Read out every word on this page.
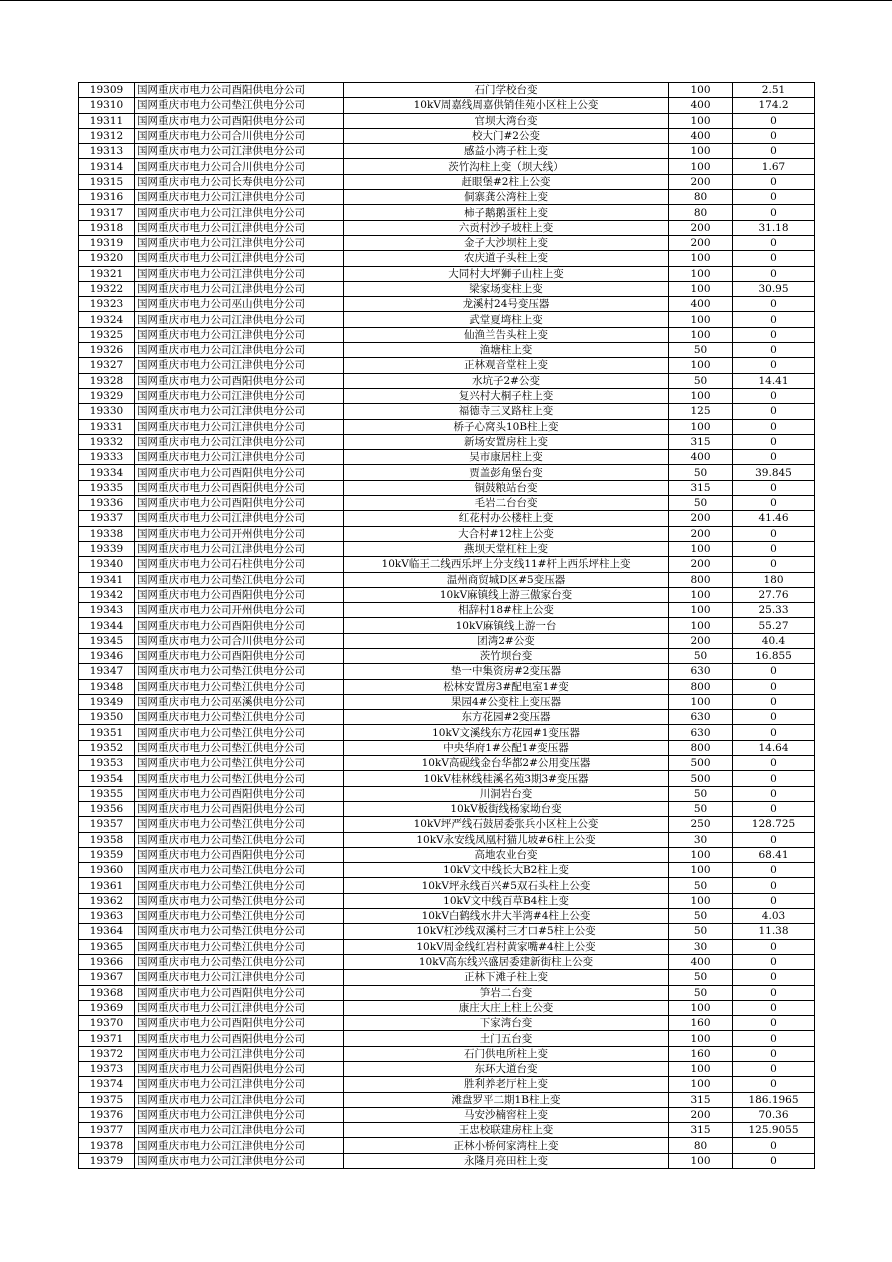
19309	国网重庆市电力公司酉阳供电分公司	石门学校台变	100	2.51
19310	国网重庆市电力公司垫江供电分公司	10kV周嘉线周嘉供销佳苑小区柱上公变	400	174.2
19311	国网重庆市电力公司酉阳供电分公司	官坝大湾台变	100	0
19312	国网重庆市电力公司合川供电分公司	校大门#2公变	400	0
19313	国网重庆市电力公司江津供电分公司	感益小湾子柱上变	100	0
19314	国网重庆市电力公司合川供电分公司	茨竹沟柱上变（坝大线）	100	1.67
19315	国网重庆市电力公司长寿供电分公司	赶眼堡#2柱上公变	200	0
19316	国网重庆市电力公司江津供电分公司	侗寨龚公湾柱上变	80	0
19317	国网重庆市电力公司江津供电分公司	柿子鹅鹅蛋柱上变	80	0
19318	国网重庆市电力公司江津供电分公司	六贡村沙子坡柱上变	200	31.18
19319	国网重庆市电力公司江津供电分公司	金子大沙坝柱上变	200	0
19320	国网重庆市电力公司江津供电分公司	农庆道子头柱上变	100	0
19321	国网重庆市电力公司江津供电分公司	大同村大坪狮子山柱上变	100	0
19322	国网重庆市电力公司江津供电分公司	梁家场变柱上变	100	30.95
19323	国网重庆市电力公司巫山供电分公司	龙溪村24号变压器	400	0
19324	国网重庆市电力公司江津供电分公司	武堂夏塆柱上变	100	0
19325	国网重庆市电力公司江津供电分公司	仙渔兰告头柱上变	100	0
19326	国网重庆市电力公司江津供电分公司	渔塘柱上变	50	0
19327	国网重庆市电力公司江津供电分公司	正林观音堂柱上变	100	0
19328	国网重庆市电力公司酉阳供电分公司	水坑子2#公变	50	14.41
19329	国网重庆市电力公司江津供电分公司	复兴村大桐子柱上变	100	0
19330	国网重庆市电力公司江津供电分公司	福德寺三叉路柱上变	125	0
19331	国网重庆市电力公司江津供电分公司	桥子心窝头10B柱上变	100	0
19332	国网重庆市电力公司江津供电分公司	新场安置房柱上变	315	0
19333	国网重庆市电力公司江津供电分公司	吴市康居柱上变	400	0
19334	国网重庆市电力公司酉阳供电分公司	贾盖彭角堡台变	50	39.845
19335	国网重庆市电力公司酉阳供电分公司	铜鼓粮站台变	315	0
19336	国网重庆市电力公司酉阳供电分公司	毛岩二台台变	50	0
19337	国网重庆市电力公司江津供电分公司	红花村办公楼柱上变	200	41.46
19338	国网重庆市电力公司开州供电分公司	大合村#12柱上公变	200	0
19339	国网重庆市电力公司江津供电分公司	燕坝天堂杠柱上变	100	0
19340	国网重庆市电力公司石柱供电分公司	10kV临王二线西乐坪上分支线11#杆上西乐坪柱上变	200	0
19341	国网重庆市电力公司垫江供电分公司	温州商贸城D区#5变压器	800	180
19342	国网重庆市电力公司酉阳供电分公司	10kV麻镇线上游三傲家台变	100	27.76
19343	国网重庆市电力公司开州供电分公司	相辞村18#柱上公变	100	25.33
19344	国网重庆市电力公司酉阳供电分公司	10kV麻镇线上游一台	100	55.27
19345	国网重庆市电力公司合川供电分公司	团湾2#公变	200	40.4
19346	国网重庆市电力公司酉阳供电分公司	茨竹坝台变	50	16.855
19347	国网重庆市电力公司垫江供电分公司	垫一中集资房#2变压器	630	0
19348	国网重庆市电力公司垫江供电分公司	松林安置房3#配电室1#变	800	0
19349	国网重庆市电力公司巫溪供电分公司	果园4#公变柱上变压器	100	0
19350	国网重庆市电力公司垫江供电分公司	东方花园#2变压器	630	0
19351	国网重庆市电力公司垫江供电分公司	10kV文溪线东方花园#1变压器	630	0
19352	国网重庆市电力公司垫江供电分公司	中央华府1#公配1#变压器	800	14.64
19353	国网重庆市电力公司垫江供电分公司	10kV高砚线金台华都2#公用变压器	500	0
19354	国网重庆市电力公司垫江供电分公司	10kV桂林线桂溪名苑3期3#变压器	500	0
19355	国网重庆市电力公司酉阳供电分公司	川洞岩台变	50	0
19356	国网重庆市电力公司酉阳供电分公司	10kV板街线杨家坳台变	50	0
19357	国网重庆市电力公司垫江供电分公司	10kV坪严线石鼓居委张兵小区柱上公变	250	128.725
19358	国网重庆市电力公司垫江供电分公司	10kV永安线凤凰村猫儿坡#6柱上公变	30	0
19359	国网重庆市电力公司酉阳供电分公司	高地农业台变	100	68.41
19360	国网重庆市电力公司垫江供电分公司	10kV文中线长大B2柱上变	100	0
19361	国网重庆市电力公司垫江供电分公司	10kV坪永线百兴#5双石头柱上公变	50	0
19362	国网重庆市电力公司垫江供电分公司	10kV文中线百草B4柱上变	100	0
19363	国网重庆市电力公司垫江供电分公司	10kV白鹤线水井大半湾#4柱上公变	50	4.03
19364	国网重庆市电力公司垫江供电分公司	10kV杠沙线双溪村三才口#5柱上公变	50	11.38
19365	国网重庆市电力公司垫江供电分公司	10kV周金线红岩村黄家嘴#4柱上公变	30	0
19366	国网重庆市电力公司垫江供电分公司	10kV高东线兴盛居委建新街柱上公变	400	0
19367	国网重庆市电力公司江津供电分公司	正林下滩子柱上变	50	0
19368	国网重庆市电力公司酉阳供电分公司	笋岩二台变	50	0
19369	国网重庆市电力公司江津供电分公司	康庄大庄上柱上公变	100	0
19370	国网重庆市电力公司酉阳供电分公司	下家湾台变	160	0
19371	国网重庆市电力公司酉阳供电分公司	土门五台变	100	0
19372	国网重庆市电力公司江津供电分公司	石门供电所柱上变	160	0
19373	国网重庆市电力公司酉阳供电分公司	东环大道台变	100	0
19374	国网重庆市电力公司江津供电分公司	胜利养老厅柱上变	100	0
19375	国网重庆市电力公司江津供电分公司	滩盘罗平二期1B柱上变	315	186.1965
19376	国网重庆市电力公司江津供电分公司	马安沙楠窖柱上变	200	70.36
19377	国网重庆市电力公司江津供电分公司	王忠校联建房柱上变	315	125.9055
19378	国网重庆市电力公司江津供电分公司	正林小桥何家湾柱上变	80	0
19379	国网重庆市电力公司江津供电分公司	永隆月亮田柱上变	100	0
